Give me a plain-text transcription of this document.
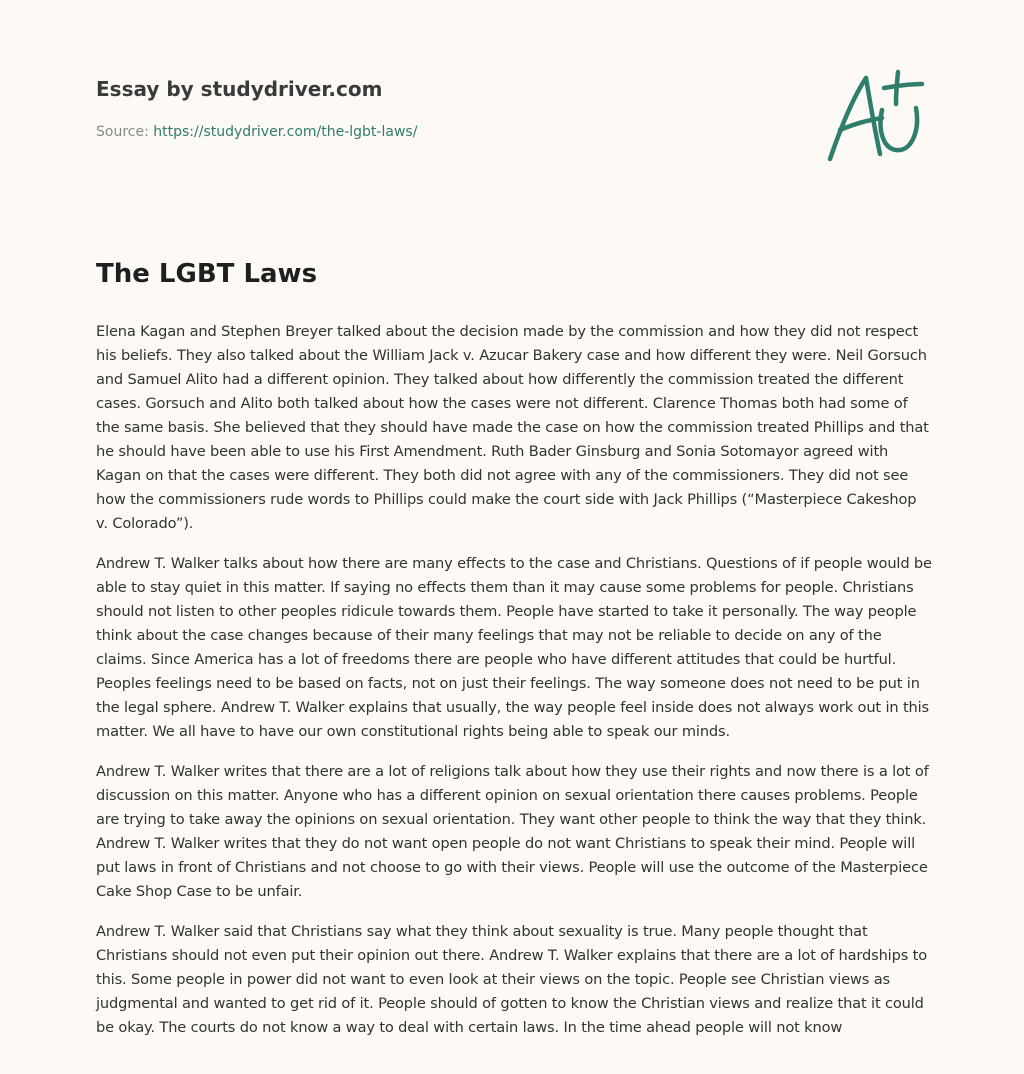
Essay by studydriver.com
Source: https://studydriver.com/the-lgbt-laws/
The LGBT Laws

Elena Kagan and Stephen Breyer talked about the decision made by the commission and how they did not respect his beliefs. They also talked about the William Jack v. Azucar Bakery case and how different they were. Neil Gorsuch and Samuel Alito had a different opinion. They talked about how differently the commission treated the different cases. Gorsuch and Alito both talked about how the cases were not different. Clarence Thomas both had some of the same basis. She believed that they should have made the case on how the commission treated Phillips and that he should have been able to use his First Amendment. Ruth Bader Ginsburg and Sonia Sotomayor agreed with Kagan on that the cases were different. They both did not agree with any of the commissioners. They did not see how the commissioners rude words to Phillips could make the court side with Jack Phillips (“Masterpiece Cakeshop v. Colorado”).

Andrew T. Walker talks about how there are many effects to the case and Christians. Questions of if people would be able to stay quiet in this matter. If saying no effects them than it may cause some problems for people. Christians should not listen to other peoples ridicule towards them. People have started to take it personally. The way people think about the case changes because of their many feelings that may not be reliable to decide on any of the claims. Since America has a lot of freedoms there are people who have different attitudes that could be hurtful. Peoples feelings need to be based on facts, not on just their feelings. The way someone does not need to be put in the legal sphere. Andrew T. Walker explains that usually, the way people feel inside does not always work out in this matter. We all have to have our own constitutional rights being able to speak our minds.

Andrew T. Walker writes that there are a lot of religions talk about how they use their rights and now there is a lot of discussion on this matter. Anyone who has a different opinion on sexual orientation there causes problems. People are trying to take away the opinions on sexual orientation. They want other people to think the way that they think. Andrew T. Walker writes that they do not want open people do not want Christians to speak their mind. People will put laws in front of Christians and not choose to go with their views. People will use the outcome of the Masterpiece Cake Shop Case to be unfair.

Andrew T. Walker said that Christians say what they think about sexuality is true. Many people thought that Christians should not even put their opinion out there. Andrew T. Walker explains that there are a lot of hardships to this. Some people in power did not want to even look at their views on the topic. People see Christian views as judgmental and wanted to get rid of it. People should of gotten to know the Christian views and realize that it could be okay. The courts do not know a way to deal with certain laws. In the time ahead people will not know
